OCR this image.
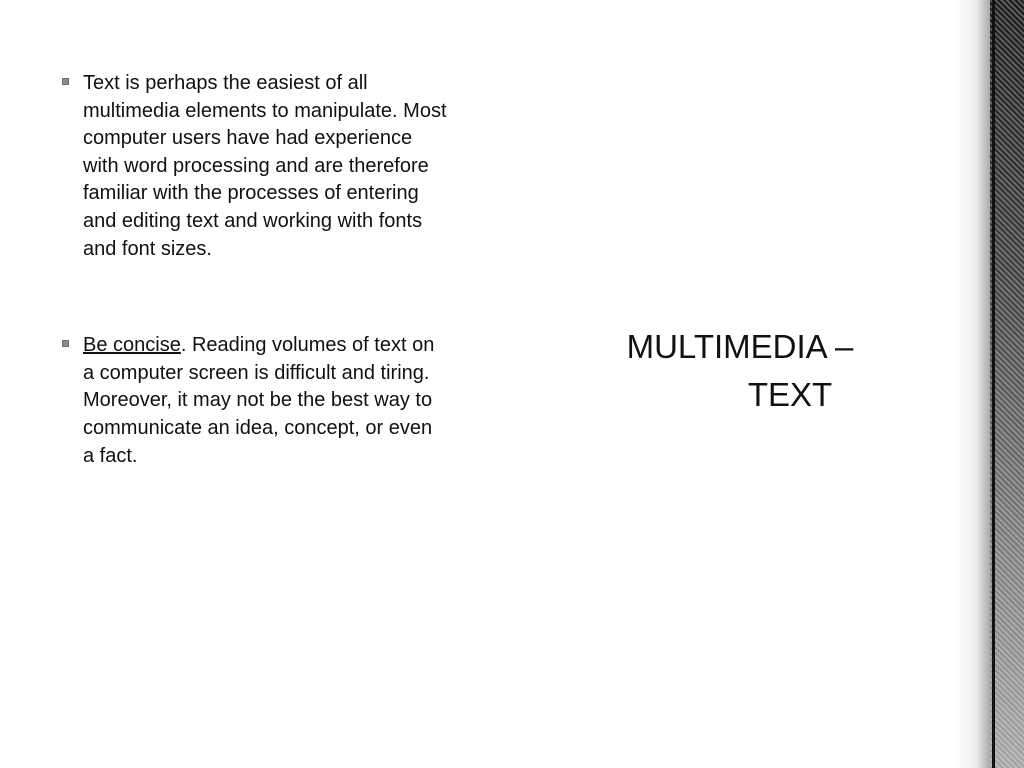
Text is perhaps the easiest of all multimedia elements to manipulate. Most computer users have had experience with word processing and are therefore familiar with the processes of entering and editing text and working with fonts and font sizes.
Be concise. Reading volumes of text on a computer screen is difficult and tiring. Moreover, it may not be the best way to communicate an idea, concept, or even a fact.
MULTIMEDIA –
TEXT
